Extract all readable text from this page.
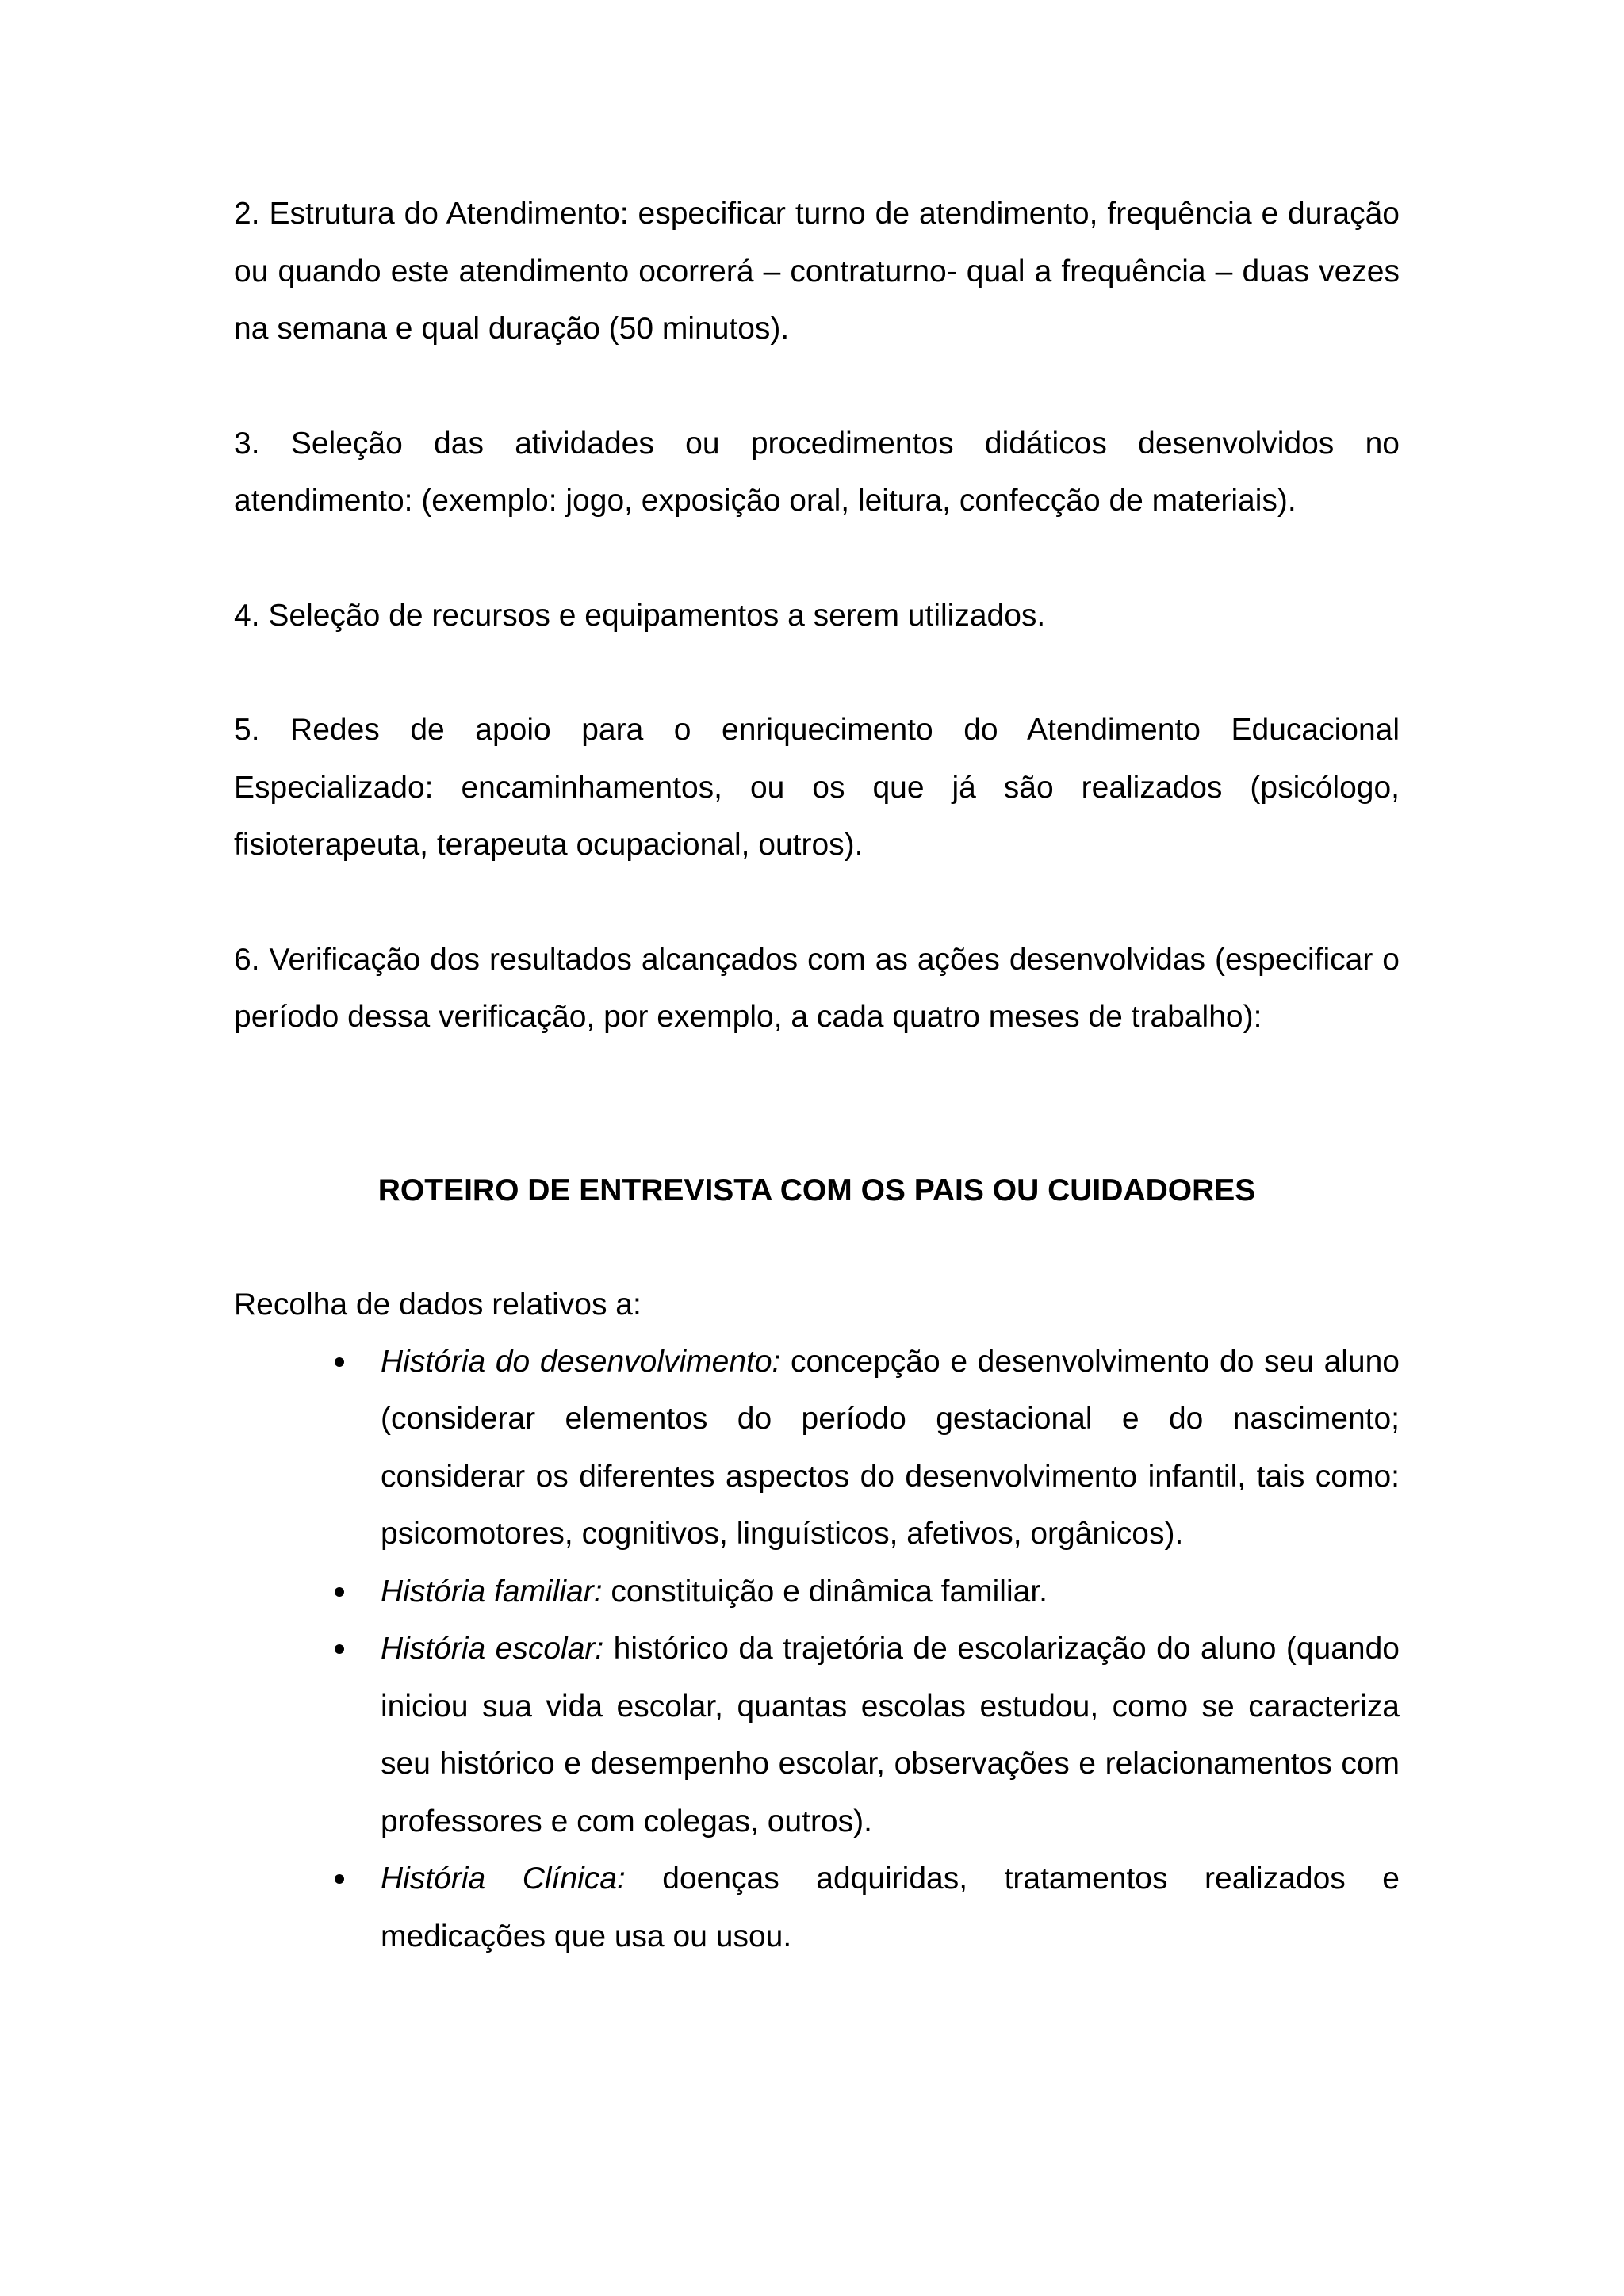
2. Estrutura do Atendimento: especificar turno de atendimento, frequência e duração ou quando este atendimento ocorrerá – contraturno- qual a frequência – duas vezes na semana e qual duração (50 minutos).

3. Seleção das atividades ou procedimentos didáticos desenvolvidos no atendimento: (exemplo: jogo, exposição oral, leitura, confecção de materiais).

4. Seleção de recursos e equipamentos a serem utilizados.

5. Redes de apoio para o enriquecimento do Atendimento Educacional Especializado: encaminhamentos, ou os que já são realizados (psicólogo, fisioterapeuta, terapeuta ocupacional, outros).

6. Verificação dos resultados alcançados com as ações desenvolvidas (especificar o período dessa verificação, por exemplo, a cada quatro meses de trabalho):

ROTEIRO DE ENTREVISTA COM OS PAIS OU CUIDADORES

Recolha de dados relativos a:

História do desenvolvimento: concepção e desenvolvimento do seu aluno (considerar elementos do período gestacional e do nascimento; considerar os diferentes aspectos do desenvolvimento infantil, tais como: psicomotores, cognitivos, linguísticos, afetivos, orgânicos).
História familiar: constituição e dinâmica familiar.
História escolar: histórico da trajetória de escolarização do aluno (quando iniciou sua vida escolar, quantas escolas estudou, como se caracteriza seu histórico e desempenho escolar, observações e relacionamentos com professores e com colegas, outros).
História Clínica: doenças adquiridas, tratamentos realizados e medicações que usa ou usou.
